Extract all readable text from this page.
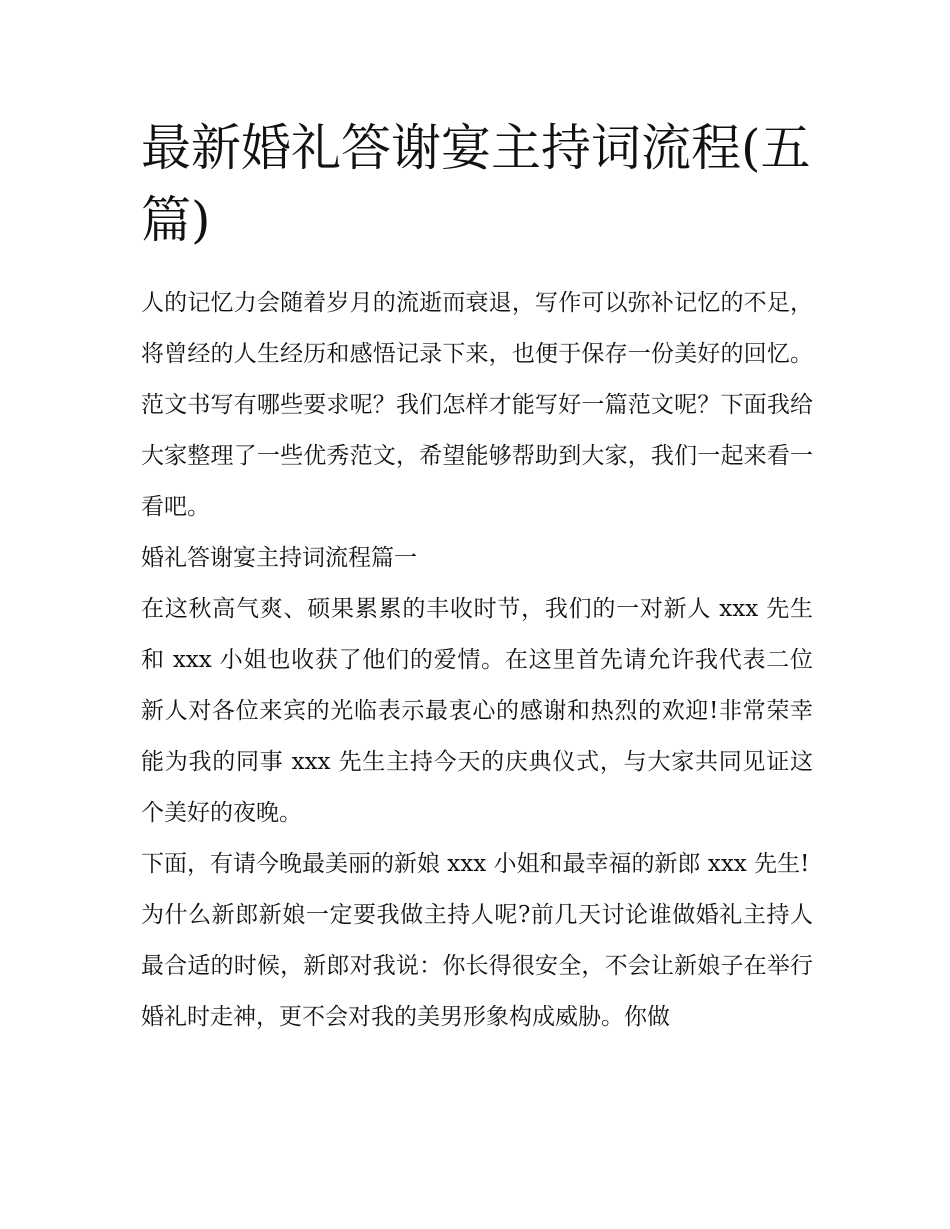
最新婚礼答谢宴主持词流程(五篇)

人的记忆力会随着岁月的流逝而衰退，写作可以弥补记忆的不足，将曾经的人生经历和感悟记录下来，也便于保存一份美好的回忆。范文书写有哪些要求呢？我们怎样才能写好一篇范文呢？下面我给大家整理了一些优秀范文，希望能够帮助到大家，我们一起来看一看吧。

婚礼答谢宴主持词流程篇一

在这秋高气爽、硕果累累的丰收时节，我们的一对新人 xxx 先生和 xxx 小姐也收获了他们的爱情。在这里首先请允许我代表二位新人对各位来宾的光临表示最衷心的感谢和热烈的欢迎!非常荣幸能为我的同事 xxx 先生主持今天的庆典仪式，与大家共同见证这个美好的夜晚。

下面，有请今晚最美丽的新娘 xxx 小姐和最幸福的新郎 xxx 先生!

为什么新郎新娘一定要我做主持人呢?前几天讨论谁做婚礼主持人最合适的时候，新郎对我说：你长得很安全，不会让新娘子在举行婚礼时走神，更不会对我的美男形象构成威胁。你做
